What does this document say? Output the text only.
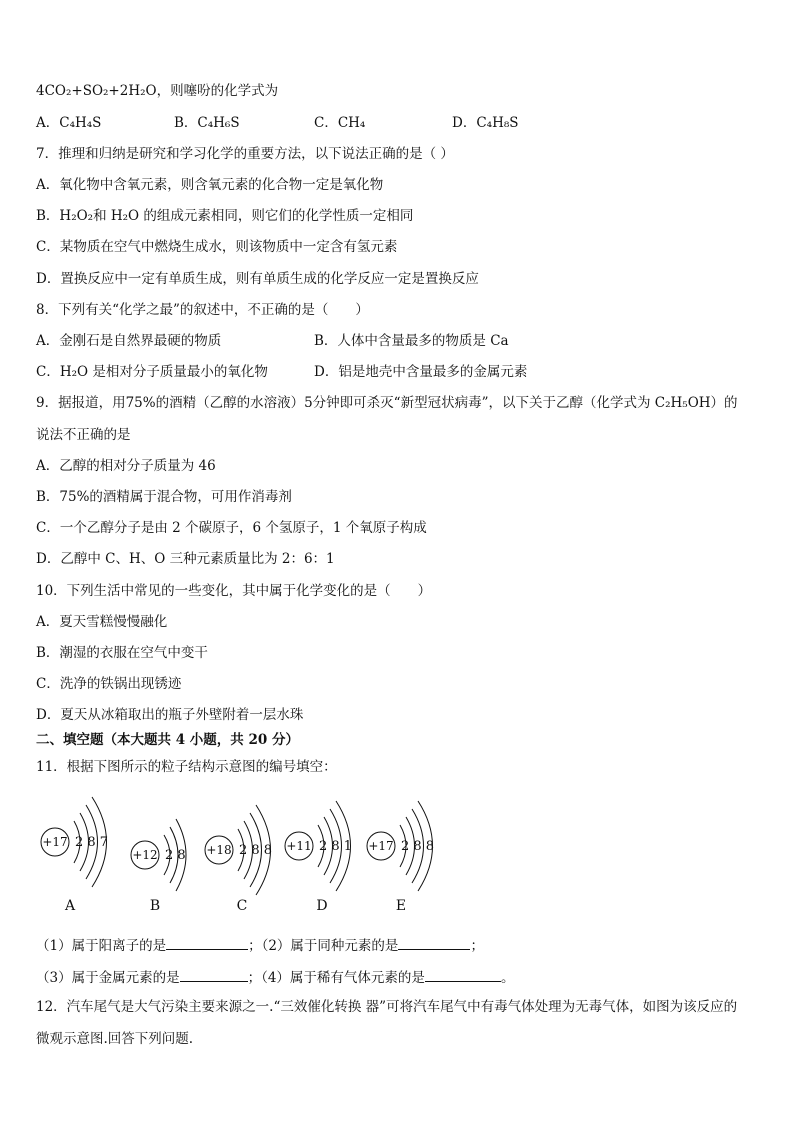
4CO₂+SO₂+2H₂O，则噻吩的化学式为
A．C₄H₄S	B．C₄H₆S	C．CH₄	D．C₄H₈S
7．推理和归纳是研究和学习化学的重要方法，以下说法正确的是（ ）
A．氧化物中含氧元素，则含氧元素的化合物一定是氧化物
B．H₂O₂和 H₂O 的组成元素相同，则它们的化学性质一定相同
C．某物质在空气中燃烧生成水，则该物质中一定含有氢元素
D．置换反应中一定有单质生成，则有单质生成的化学反应一定是置换反应
8．下列有关“化学之最”的叙述中，不正确的是（　　）
A．金刚石是自然界最硬的物质	B．人体中含量最多的物质是 Ca
C．H₂O 是相对分子质量最小的氧化物	D．铝是地壳中含量最多的金属元素
9．据报道，用75%的酒精（乙醇的水溶液）5分钟即可杀灭“新型冠状病毒”，以下关于乙醇（化学式为 C₂H₅OH）的
说法不正确的是
A．乙醇的相对分子质量为 46
B．75%的酒精属于混合物，可用作消毒剂
C．一个乙醇分子是由 2 个碳原子，6 个氢原子，1 个氧原子构成
D．乙醇中 C、H、O 三种元素质量比为 2：6：1
10．下列生活中常见的一些变化，其中属于化学变化的是（　　）
A．夏天雪糕慢慢融化
B．潮湿的衣服在空气中变干
C．洗净的铁锅出现锈迹
D．夏天从冰箱取出的瓶子外壁附着一层水珠
二、填空题（本大题共 4 小题，共 20 分）
11．根据下图所示的粒子结构示意图的编号填空：
+17 2 8 7
+12 2 8 +18 2 8 8 +11 2 8 1 +17 2 8 8
A	B	C	D	E
（1）属于阳离子的是	；（2）属于同种元素的是	；
（3）属于金属元素的是	；（4）属于稀有气体元素的是	。
12．汽车尾气是大气污染主要来源之一.“三效催化转换 器”可将汽车尾气中有毒气体处理为无毒气体，如图为该反应的
微观示意图.回答下列问题.
